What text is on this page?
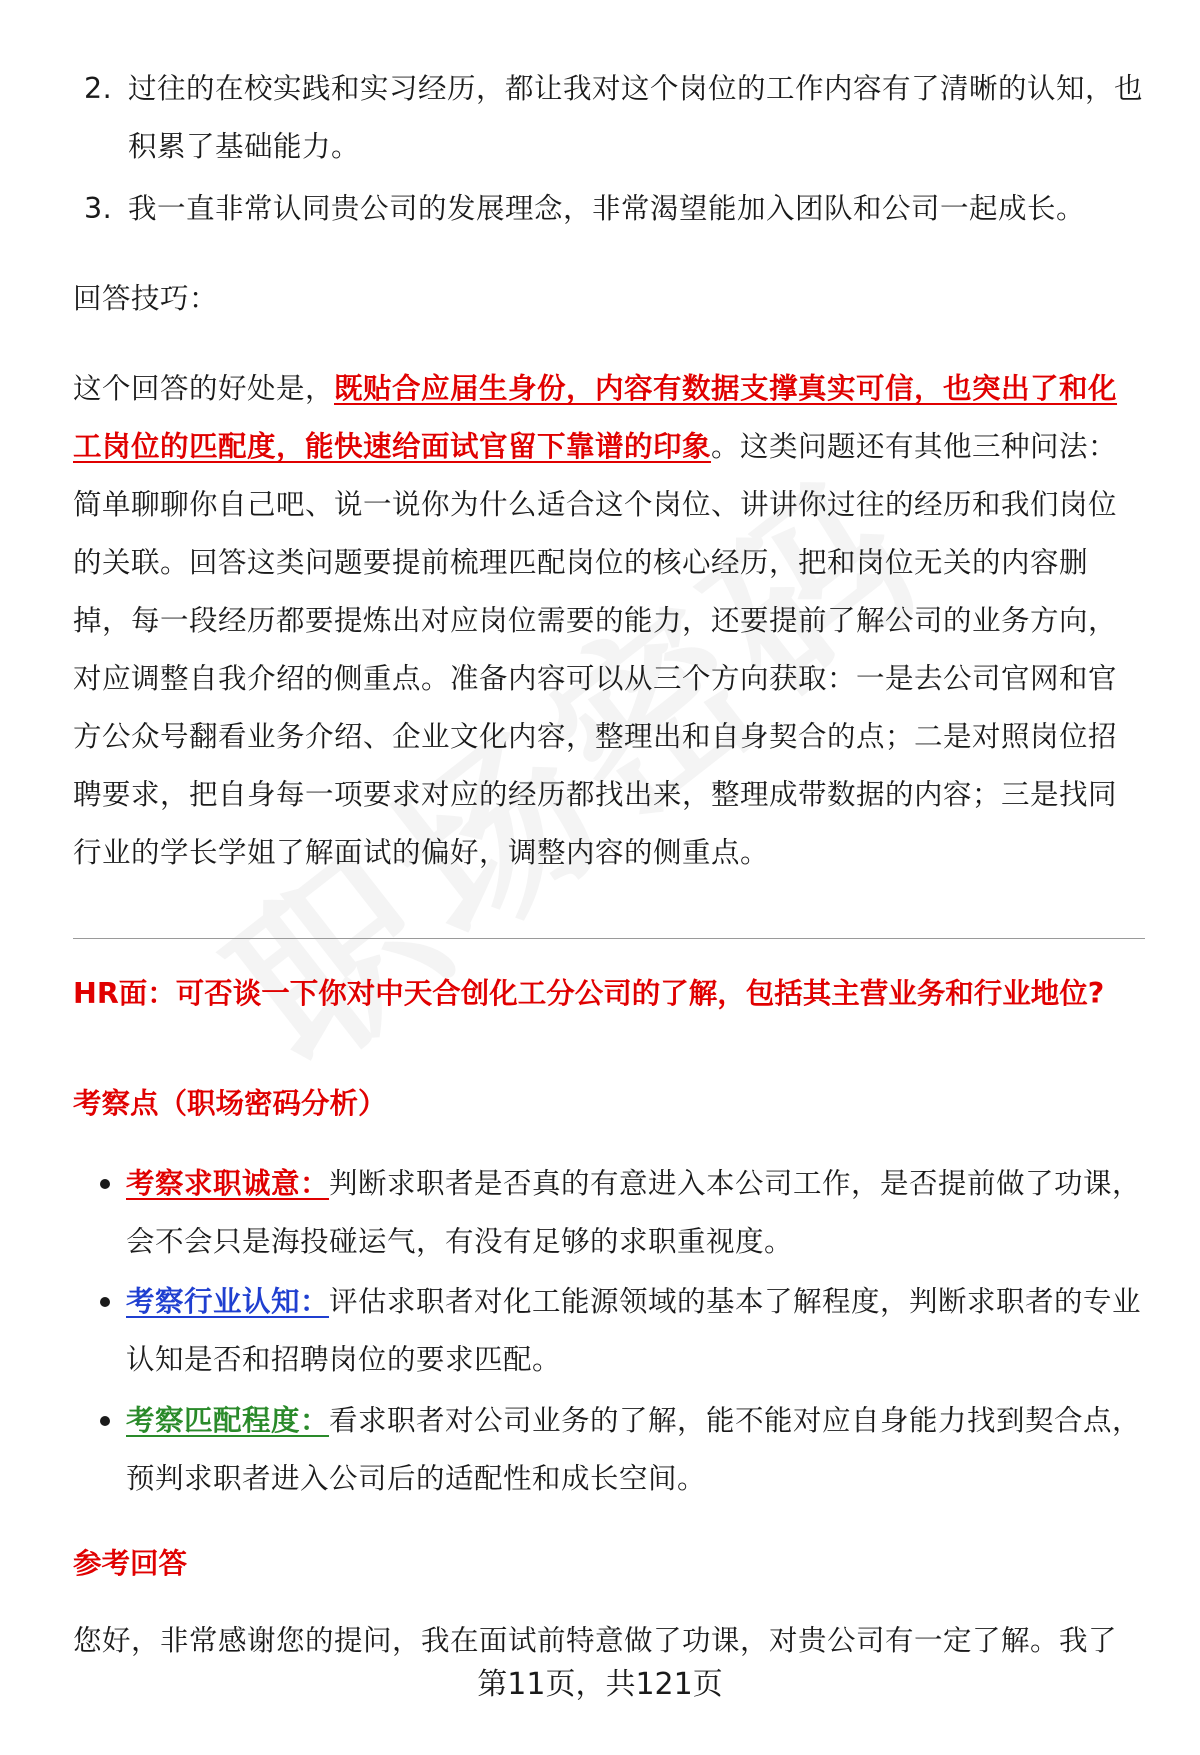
2. 过往的在校实践和实习经历，都让我对这个岗位的工作内容有了清晰的认知，也积累了基础能力。
3. 我一直非常认同贵公司的发展理念，非常渴望能加入团队和公司一起成长。
回答技巧：
这个回答的好处是，既贴合应届生身份，内容有数据支撑真实可信，也突出了和化工岗位的匹配度，能快速给面试官留下靠谱的印象。这类问题还有其他三种问法：简单聊聊你自己吧、说一说你为什么适合这个岗位、讲讲你过往的经历和我们岗位的关联。回答这类问题要提前梳理匹配岗位的核心经历，把和岗位无关的内容删掉，每一段经历都要提炼出对应岗位需要的能力，还要提前了解公司的业务方向，对应调整自我介绍的侧重点。准备内容可以从三个方向获取：一是去公司官网和官方公众号翻看业务介绍、企业文化内容，整理出和自身契合的点；二是对照岗位招聘要求，把自身每一项要求对应的经历都找出来，整理成带数据的内容；三是找同行业的学长学姐了解面试的偏好，调整内容的侧重点。
HR面：可否谈一下你对中天合创化工分公司的了解，包括其主营业务和行业地位?
考察点（职场密码分析）
考察求职诚意：判断求职者是否真的有意进入本公司工作，是否提前做了功课，会不会只是海投碰运气，有没有足够的求职重视度。
考察行业认知：评估求职者对化工能源领域的基本了解程度，判断求职者的专业认知是否和招聘岗位的要求匹配。
考察匹配程度：看求职者对公司业务的了解，能不能对应自身能力找到契合点，预判求职者进入公司后的适配性和成长空间。
参考回答
您好，非常感谢您的提问，我在面试前特意做了功课，对贵公司有一定了解。我了
第11页，共121页
